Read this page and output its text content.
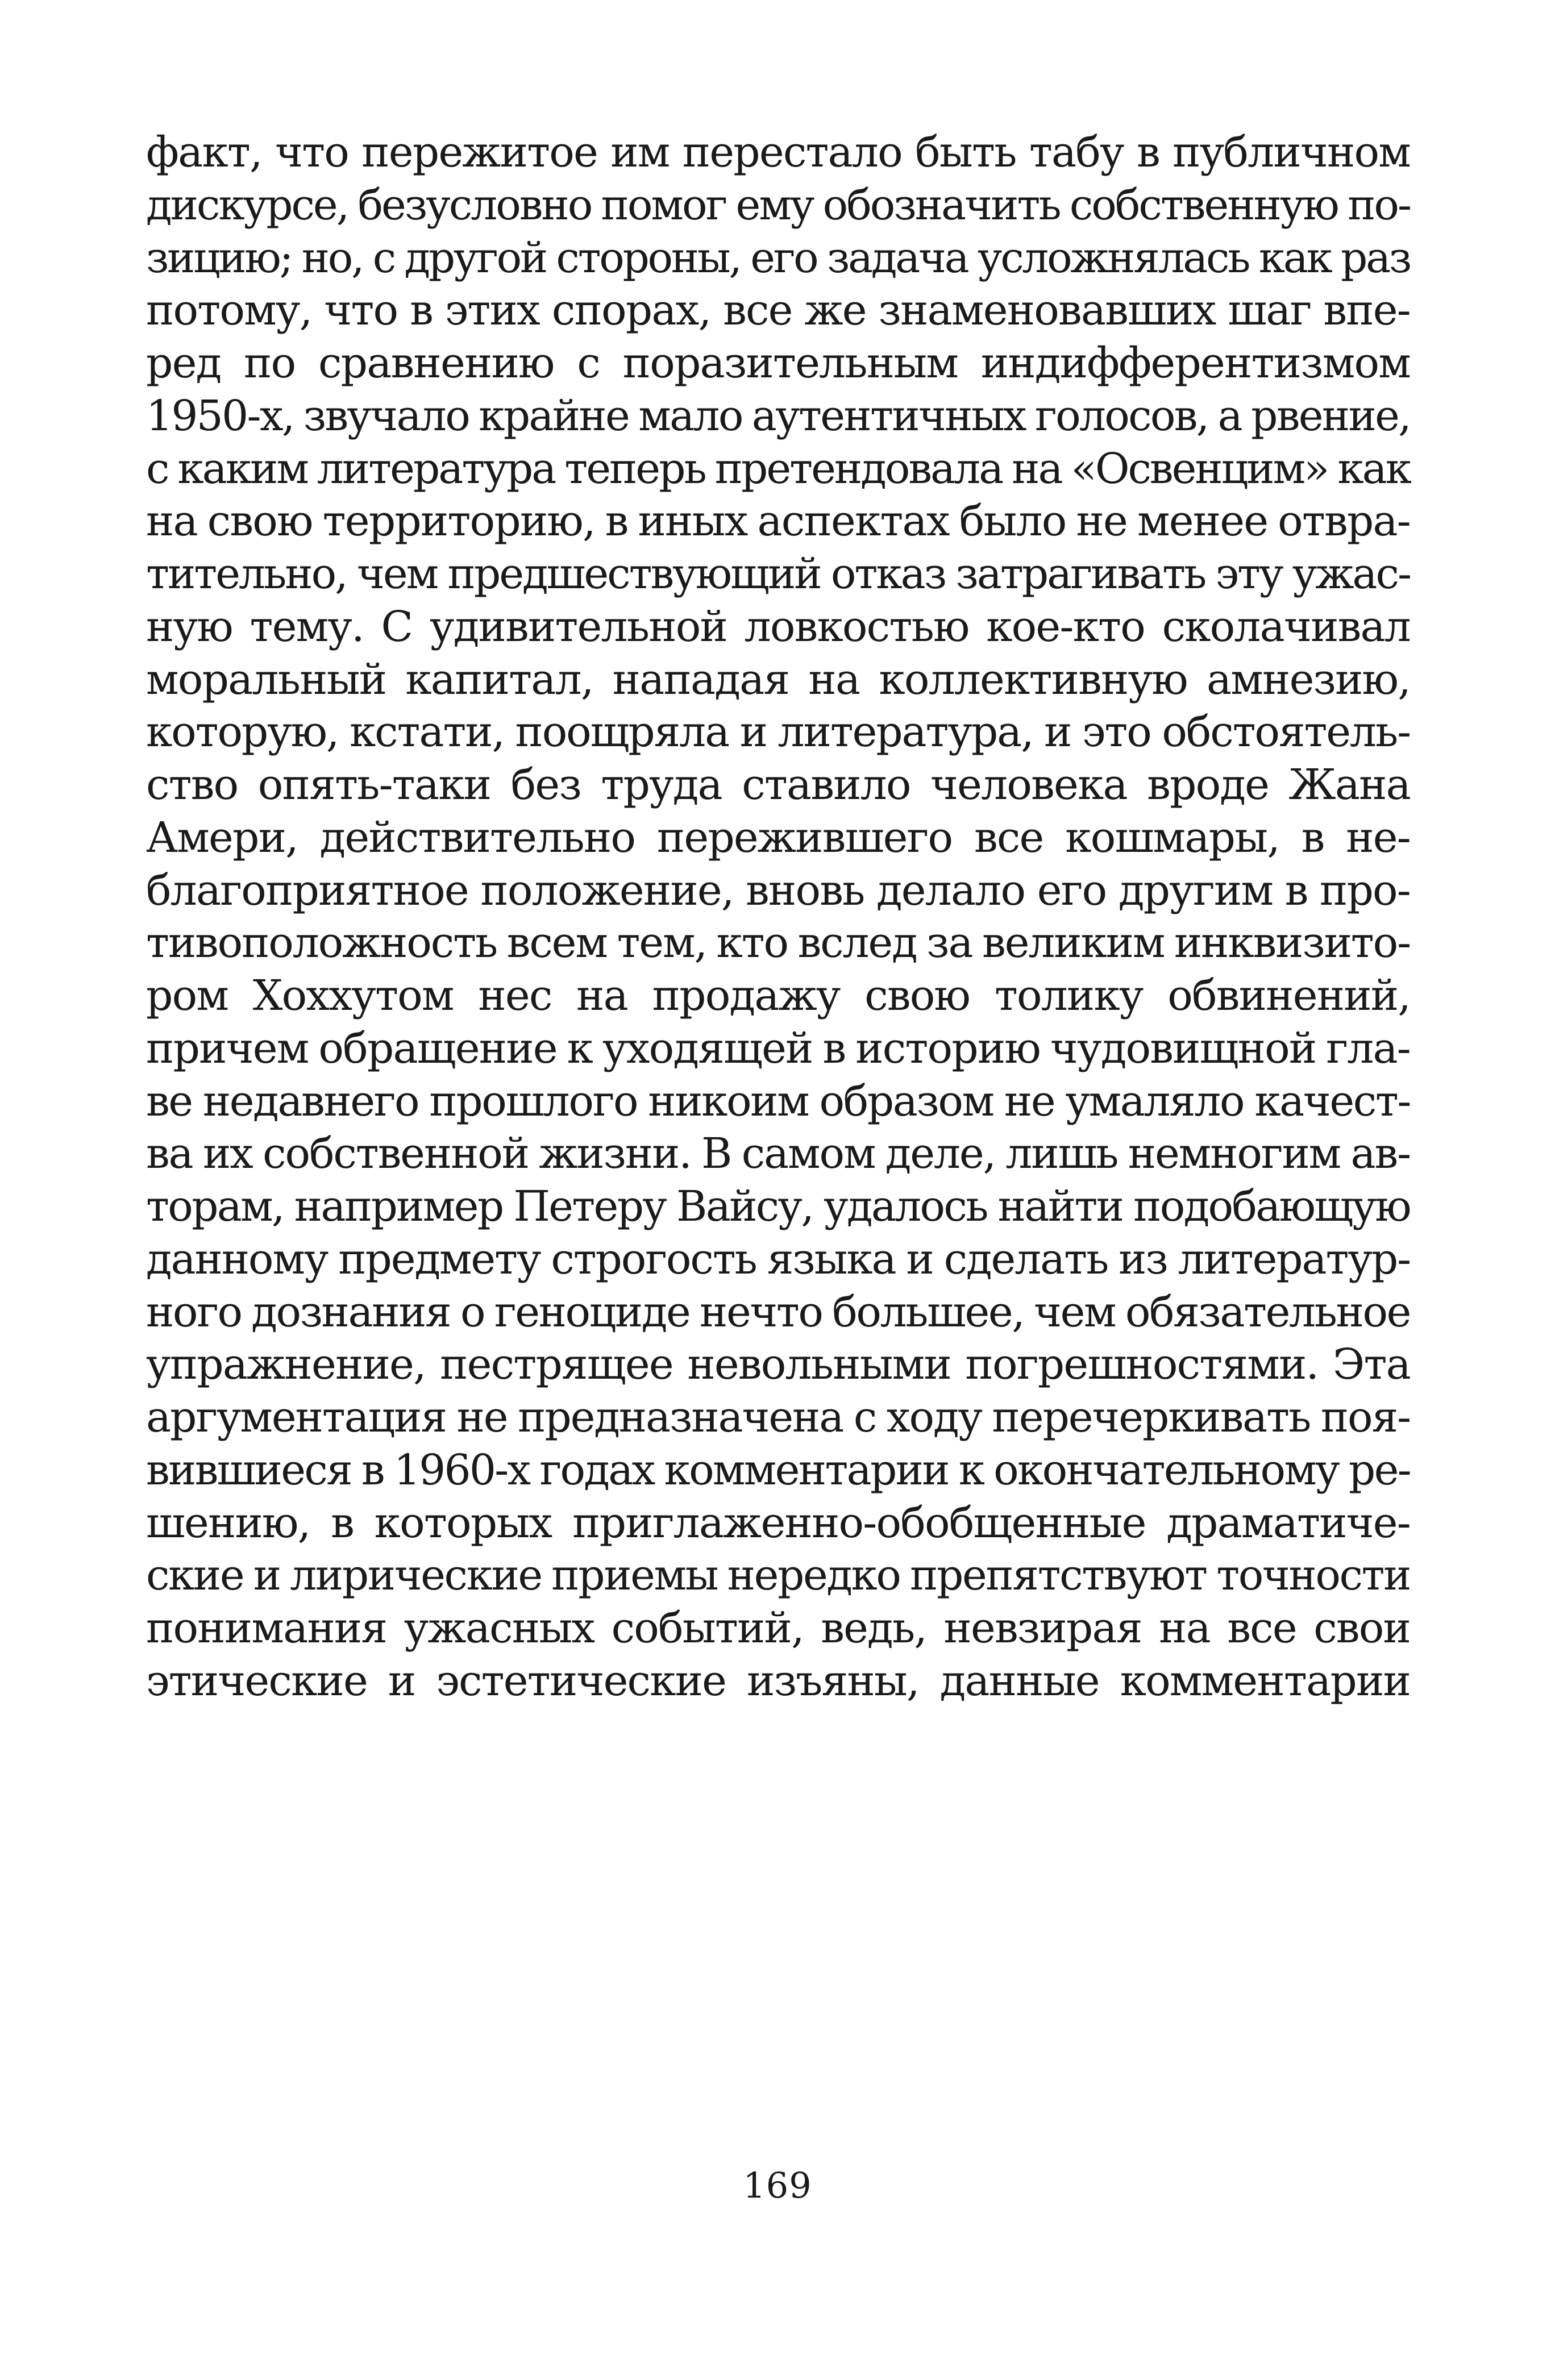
факт, что пережитое им перестало быть табу в публичном
дискурсе, безусловно помог ему обозначить собственную по-
зицию; но, с другой стороны, его задача усложнялась как раз
потому, что в этих спорах, все же знаменовавших шаг впе-
ред по сравнению с поразительным индифферентизмом
1950-х, звучало крайне мало аутентичных голосов, а рвение,
с каким литература теперь претендовала на «Освенцим» как
на свою территорию, в иных аспектах было не менее отвра-
тительно, чем предшествующий отказ затрагивать эту ужас-
ную тему. С удивительной ловкостью кое-кто сколачивал
моральный капитал, нападая на коллективную амнезию,
которую, кстати, поощряла и литература, и это обстоятель-
ство опять-таки без труда ставило человека вроде Жана
Амери, действительно пережившего все кошмары, в не-
благоприятное положение, вновь делало его другим в про-
тивоположность всем тем, кто вслед за великим инквизито-
ром Хоххутом нес на продажу свою толику обвинений,
причем обращение к уходящей в историю чудовищной гла-
ве недавнего прошлого никоим образом не умаляло качест-
ва их собственной жизни. В самом деле, лишь немногим ав-
торам, например Петеру Вайсу, удалось найти подобающую
данному предмету строгость языка и сделать из литератур-
ного дознания о геноциде нечто большее, чем обязательное
упражнение, пестрящее невольными погрешностями. Эта
аргументация не предназначена с ходу перечеркивать поя-
вившиеся в 1960-х годах комментарии к окончательному ре-
шению, в которых приглаженно-обобщенные драматиче-
ские и лирические приемы нередко препятствуют точности
понимания ужасных событий, ведь, невзирая на все свои
этические и эстетические изъяны, данные комментарии
169
